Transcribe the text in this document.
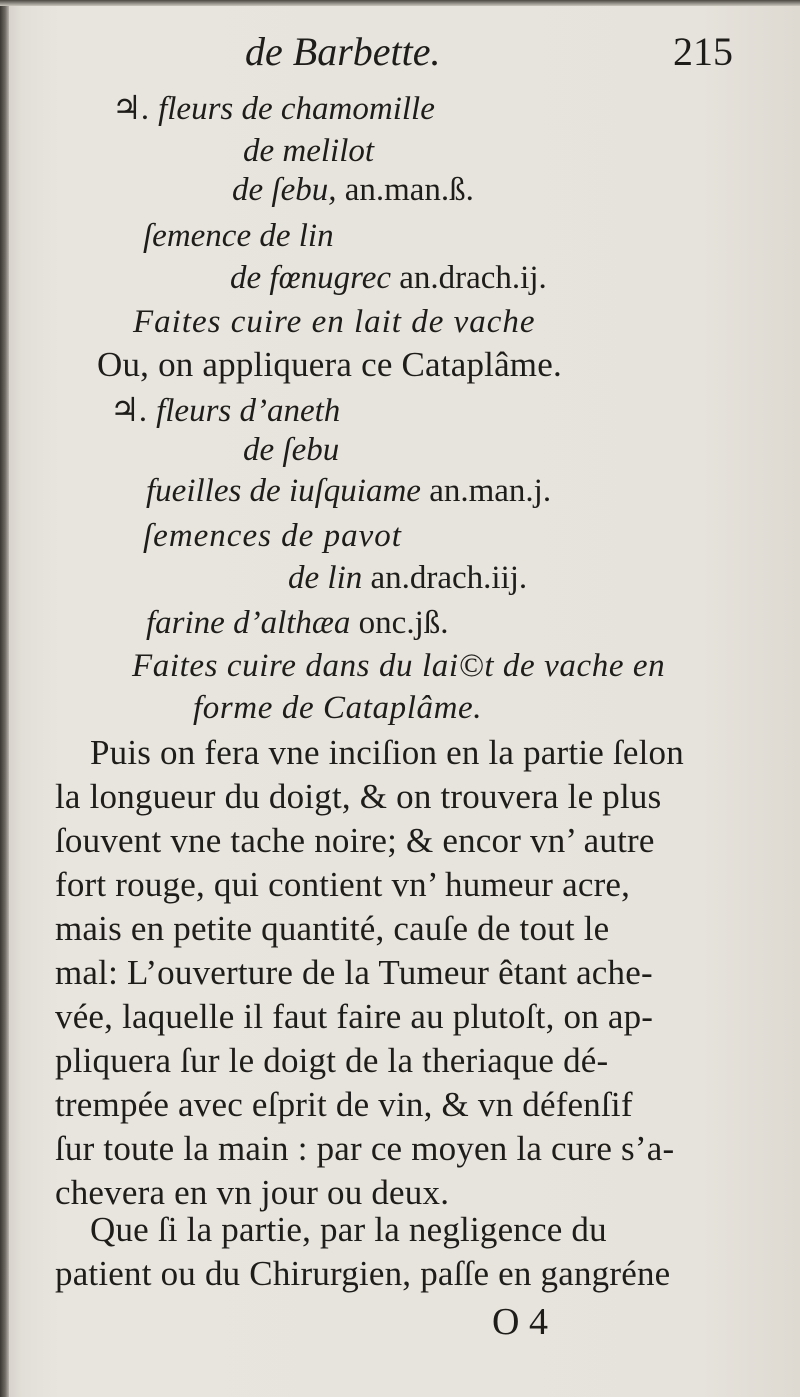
de Barbette.	215
♃. fleurs de chamomille
de melilot
de ſebu, an.man.ß.
ſemence de lin
de fœnugrec an.drach.ij.
Faites cuire en lait de vache
Ou, on appliquera ce Cataplâme.
♃. fleurs d’aneth
de ſebu
fueilles de iuſquiame an.man.j.
ſemences de pavot
de lin an.drach.iij.
farine d’althæa onc.jß.
Faites cuire dans du lai©t de vache en
forme de Cataplâme.
Puis on fera vne inciſion en la partie ſelon
la longueur du doigt, & on trouvera le plus
ſouvent vne tache noire; & encor vn’ autre
fort rouge, qui contient vn’ humeur acre,
mais en petite quantité, cauſe de tout le
mal: L’ouverture de la Tumeur êtant ache-
vée, laquelle il faut faire au plutoſt, on ap-
pliquera ſur le doigt de la theriaque dé-
trempée avec eſprit de vin, & vn défenſif
ſur toute la main : par ce moyen la cure s’a-
chevera en vn jour ou deux.
Que ſi la partie, par la negligence du
patient ou du Chirurgien, paſſe en gangréne
O 4
